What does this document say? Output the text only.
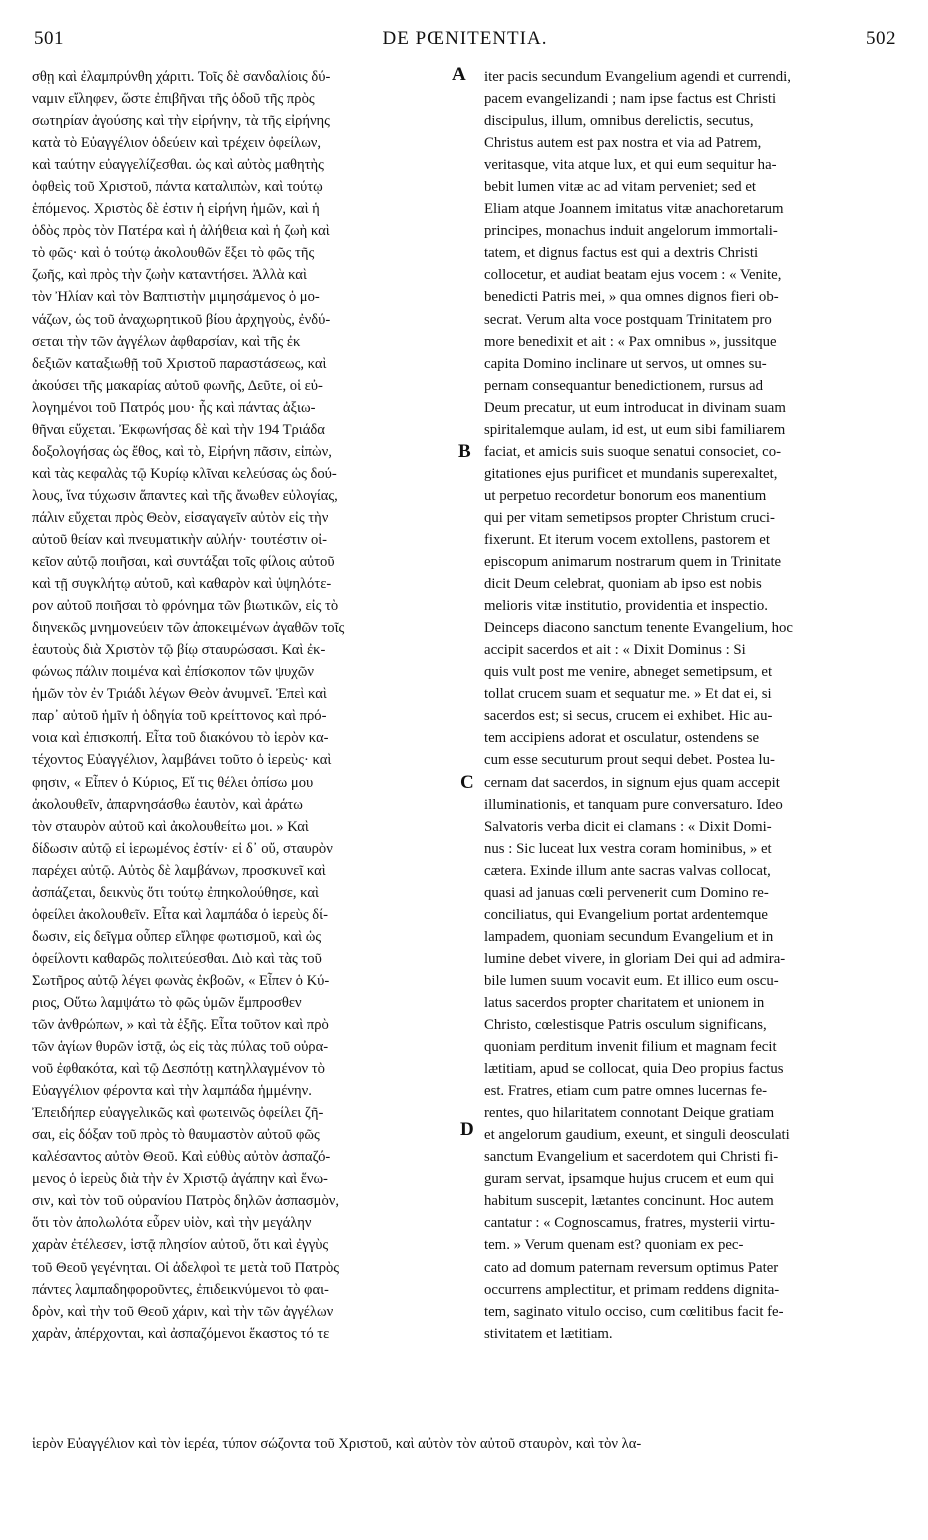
501	DE PŒNITENTIA.	502
A
B
C
D
σθῃ καὶ ἐλαμπρύνθη χάριτι. Τοῖς δὲ σανδαλίοις δύ-
ναμιν εἴληφεν, ὥστε ἐπιβῆναι τῆς ὁδοῦ τῆς πρὸς
σωτηρίαν ἀγούσης καὶ τὴν εἰρήνην, τὰ τῆς εἰρήνης
κατὰ τὸ Εὐαγγέλιον ὁδεύειν καὶ τρέχειν ὀφείλων,
καὶ ταύτην εὐαγγελίζεσθαι. ὡς καὶ αὐτὸς μαθητὴς
ὀφθεὶς τοῦ Χριστοῦ, πάντα καταλιπὼν, καὶ τούτῳ
ἑπόμενος. Χριστὸς δὲ ἐστιν ἡ εἰρήνη ἡμῶν, καὶ ἡ
ὁδὸς πρὸς τὸν Πατέρα καὶ ἡ ἀλήθεια καὶ ἡ ζωὴ καὶ
τὸ φῶς· καὶ ὁ τούτῳ ἀκολουθῶν ἕξει τὸ φῶς τῆς
ζωῆς, καὶ πρὸς τὴν ζωὴν καταντήσει. Ἀλλὰ καὶ
τὸν Ἠλίαν καὶ τὸν Βαπτιστὴν μιμησάμενος ὁ μο-
νάζων, ὡς τοῦ ἀναχωρητικοῦ βίου ἀρχηγοὺς, ἐνδύ-
σεται τὴν τῶν ἀγγέλων ἀφθαρσίαν, καὶ τῆς ἐκ
δεξιῶν καταξιωθῇ τοῦ Χριστοῦ παραστάσεως, καὶ
ἀκούσει τῆς μακαρίας αὐτοῦ φωνῆς, Δεῦτε, οἱ εὐ-
λογημένοι τοῦ Πατρός μου· ἧς καὶ πάντας ἀξιω-
θῆναι εὔχεται. Ἐκφωνήσας δὲ καὶ τὴν 194 Τριάδα
δοξολογήσας ὡς ἔθος, καὶ τὸ, Εἰρήνη πᾶσιν, εἰπὼν,
καὶ τὰς κεφαλὰς τῷ Κυρίῳ κλῖναι κελεύσας ὡς δού-
λους, ἵνα τύχωσιν ἅπαντες καὶ τῆς ἄνωθεν εὐλογίας,
πάλιν εὔχεται πρὸς Θεὸν, εἰσαγαγεῖν αὐτὸν εἰς τὴν
αὐτοῦ θείαν καὶ πνευματικὴν αὐλήν· τουτέστιν οἰ-
κεῖον αὐτῷ ποιῆσαι, καὶ συντάξαι τοῖς φίλοις αὐτοῦ
καὶ τῇ συγκλήτῳ αὐτοῦ, καὶ καθαρὸν καὶ ὑψηλότε-
ρον αὐτοῦ ποιῆσαι τὸ φρόνημα τῶν βιωτικῶν, εἰς τὸ
διηνεκῶς μνημονεύειν τῶν ἀποκειμένων ἀγαθῶν τοῖς
ἑαυτοὺς διὰ Χριστὸν τῷ βίῳ σταυρώσασι. Καὶ ἐκ-
φώνως πάλιν ποιμένα καὶ ἐπίσκοπον τῶν ψυχῶν
ἡμῶν τὸν ἐν Τριάδι λέγων Θεὸν ἀνυμνεῖ. Ἐπεὶ καὶ
παρ᾿ αὐτοῦ ἡμῖν ἡ ὁδηγία τοῦ κρείττονος καὶ πρό-
νοια καὶ ἐπισκοπή. Εἶτα τοῦ διακόνου τὸ ἱερὸν κα-
τέχοντος Εὐαγγέλιον, λαμβάνει τοῦτο ὁ ἱερεὺς· καὶ
φησιν, « Εἶπεν ὁ Κύριος, Εἴ τις θέλει ὀπίσω μου
ἀκολουθεῖν, ἀπαρνησάσθω ἑαυτὸν, καὶ ἀράτω
τὸν σταυρὸν αὐτοῦ καὶ ἀκολουθείτω μοι. » Καὶ
δίδωσιν αὐτῷ εἰ ἱερωμένος ἐστίν· εἰ δ᾿ οὔ, σταυρὸν
παρέχει αὐτῷ. Αὐτὸς δὲ λαμβάνων, προσκυνεῖ καὶ
ἀσπάζεται, δεικνὺς ὅτι τούτῳ ἐπηκολούθησε, καὶ
ὀφείλει ἀκολουθεῖν. Εἶτα καὶ λαμπάδα ὁ ἱερεὺς δί-
δωσιν, εἰς δεῖγμα οὗπερ εἴληφε φωτισμοῦ, καὶ ὡς
ὀφείλοντι καθαρῶς πολιτεύεσθαι. Διὸ καὶ τὰς τοῦ
Σωτῆρος αὐτῷ λέγει φωνὰς ἐκβοῶν, « Εἶπεν ὁ Κύ-
ριος, Οὕτω λαμψάτω τὸ φῶς ὑμῶν ἔμπροσθεν
τῶν ἀνθρώπων, » καὶ τὰ ἑξῆς. Εἶτα τοῦτον καὶ πρὸ
τῶν ἁγίων θυρῶν ἱστᾷ, ὡς εἰς τὰς πύλας τοῦ οὐρα-
νοῦ ἐφθακότα, καὶ τῷ Δεσπότῃ κατηλλαγμένον τὸ
Εὐαγγέλιον φέροντα καὶ τὴν λαμπάδα ἡμμένην.
Ἐπειδήπερ εὐαγγελικῶς καὶ φωτεινῶς ὀφείλει ζῆ-
σαι, εἰς δόξαν τοῦ πρὸς τὸ θαυμαστὸν αὐτοῦ φῶς
καλέσαντος αὐτὸν Θεοῦ. Καὶ εὐθὺς αὐτὸν ἀσπαζό-
μενος ὁ ἱερεὺς διὰ τὴν ἐν Χριστῷ ἀγάπην καὶ ἕνω-
σιν, καὶ τὸν τοῦ οὐρανίου Πατρὸς δηλῶν ἀσπασμὸν,
ὅτι τὸν ἀπολωλότα εὗρεν υἱὸν, καὶ τὴν μεγάλην
χαρὰν ἐτέλεσεν, ἱστᾷ πλησίον αὐτοῦ, ὅτι καὶ ἐγγὺς
τοῦ Θεοῦ γεγένηται. Οἱ ἀδελφοὶ τε μετὰ τοῦ Πατρὸς
πάντες λαμπαδηφοροῦντες, ἐπιδεικνύμενοι τὸ φαι-
δρὸν, καὶ τὴν τοῦ Θεοῦ χάριν, καὶ τὴν τῶν ἀγγέλων
χαρὰν, ἀπέρχονται, καὶ ἀσπαζόμενοι ἕκαστος τό τε
iter pacis secundum Evangelium agendi et currendi,
pacem evangelizandi ; nam ipse factus est Christi
discipulus, illum, omnibus derelictis, secutus,
Christus autem est pax nostra et via ad Patrem,
veritasque, vita atque lux, et qui eum sequitur ha-
bebit lumen vitæ ac ad vitam perveniet; sed et
Eliam atque Joannem imitatus vitæ anachoretarum
principes, monachus induit angelorum immortali-
tatem, et dignus factus est qui a dextris Christi
collocetur, et audiat beatam ejus vocem : « Venite,
benedicti Patris mei, » qua omnes dignos fieri ob-
secrat. Verum alta voce postquam Trinitatem pro
more benedixit et ait : « Pax omnibus », jussitque
capita Domino inclinare ut servos, ut omnes su-
pernam consequantur benedictionem, rursus ad
Deum precatur, ut eum introducat in divinam suam
spiritalemque aulam, id est, ut eum sibi familiarem
faciat, et amicis suis suoque senatui consociet, co-
gitationes ejus purificet et mundanis superexaltet,
ut perpetuo recordetur bonorum eos manentium
qui per vitam semetipsos propter Christum cruci-
fixerunt. Et iterum vocem extollens, pastorem et
episcopum animarum nostrarum quem in Trinitate
dicit Deum celebrat, quoniam ab ipso est nobis
melioris vitæ institutio, providentia et inspectio.
Deinceps diacono sanctum tenente Evangelium, hoc
accipit sacerdos et ait : « Dixit Dominus : Si
quis vult post me venire, abneget semetipsum, et
tollat crucem suam et sequatur me. » Et dat ei, si
sacerdos est; si secus, crucem ei exhibet. Hic au-
tem accipiens adorat et osculatur, ostendens se
cum esse secuturum prout sequi debet. Postea lu-
cernam dat sacerdos, in signum ejus quam accepit
illuminationis, et tanquam pure conversaturo. Ideo
Salvatoris verba dicit ei clamans : « Dixit Domi-
nus : Sic luceat lux vestra coram hominibus, » et
cætera. Exinde illum ante sacras valvas collocat,
quasi ad januas cœli pervenerit cum Domino re-
conciliatus, qui Evangelium portat ardentemque
lampadem, quoniam secundum Evangelium et in
lumine debet vivere, in gloriam Dei qui ad admira-
bile lumen suum vocavit eum. Et illico eum oscu-
latus sacerdos propter charitatem et unionem in
Christo, cœlestisque Patris osculum significans,
quoniam perditum invenit filium et magnam fecit
lætitiam, apud se collocat, quia Deo propius factus
est. Fratres, etiam cum patre omnes lucernas fe-
rentes, quo hilaritatem connotant Deique gratiam
et angelorum gaudium, exeunt, et singuli deosculati
sanctum Evangelium et sacerdotem qui Christi fi-
guram servat, ipsamque hujus crucem et eum qui
habitum suscepit, lætantes concinunt. Hoc autem
cantatur : « Cognoscamus, fratres, mysterii virtu-
tem. » Verum quenam est? quoniam ex pec-
cato ad domum paternam reversum optimus Pater
occurrens amplectitur, et primam reddens dignita-
tem, saginato vitulo occiso, cum cœlitibus facit fe-
stivitatem et lætitiam.
ἱερὸν Εὐαγγέλιον καὶ τὸν ἱερέα, τύπον σώζοντα τοῦ Χριστοῦ, καὶ αὐτὸν τὸν αὐτοῦ σταυρὸν, καὶ τὸν λα-
